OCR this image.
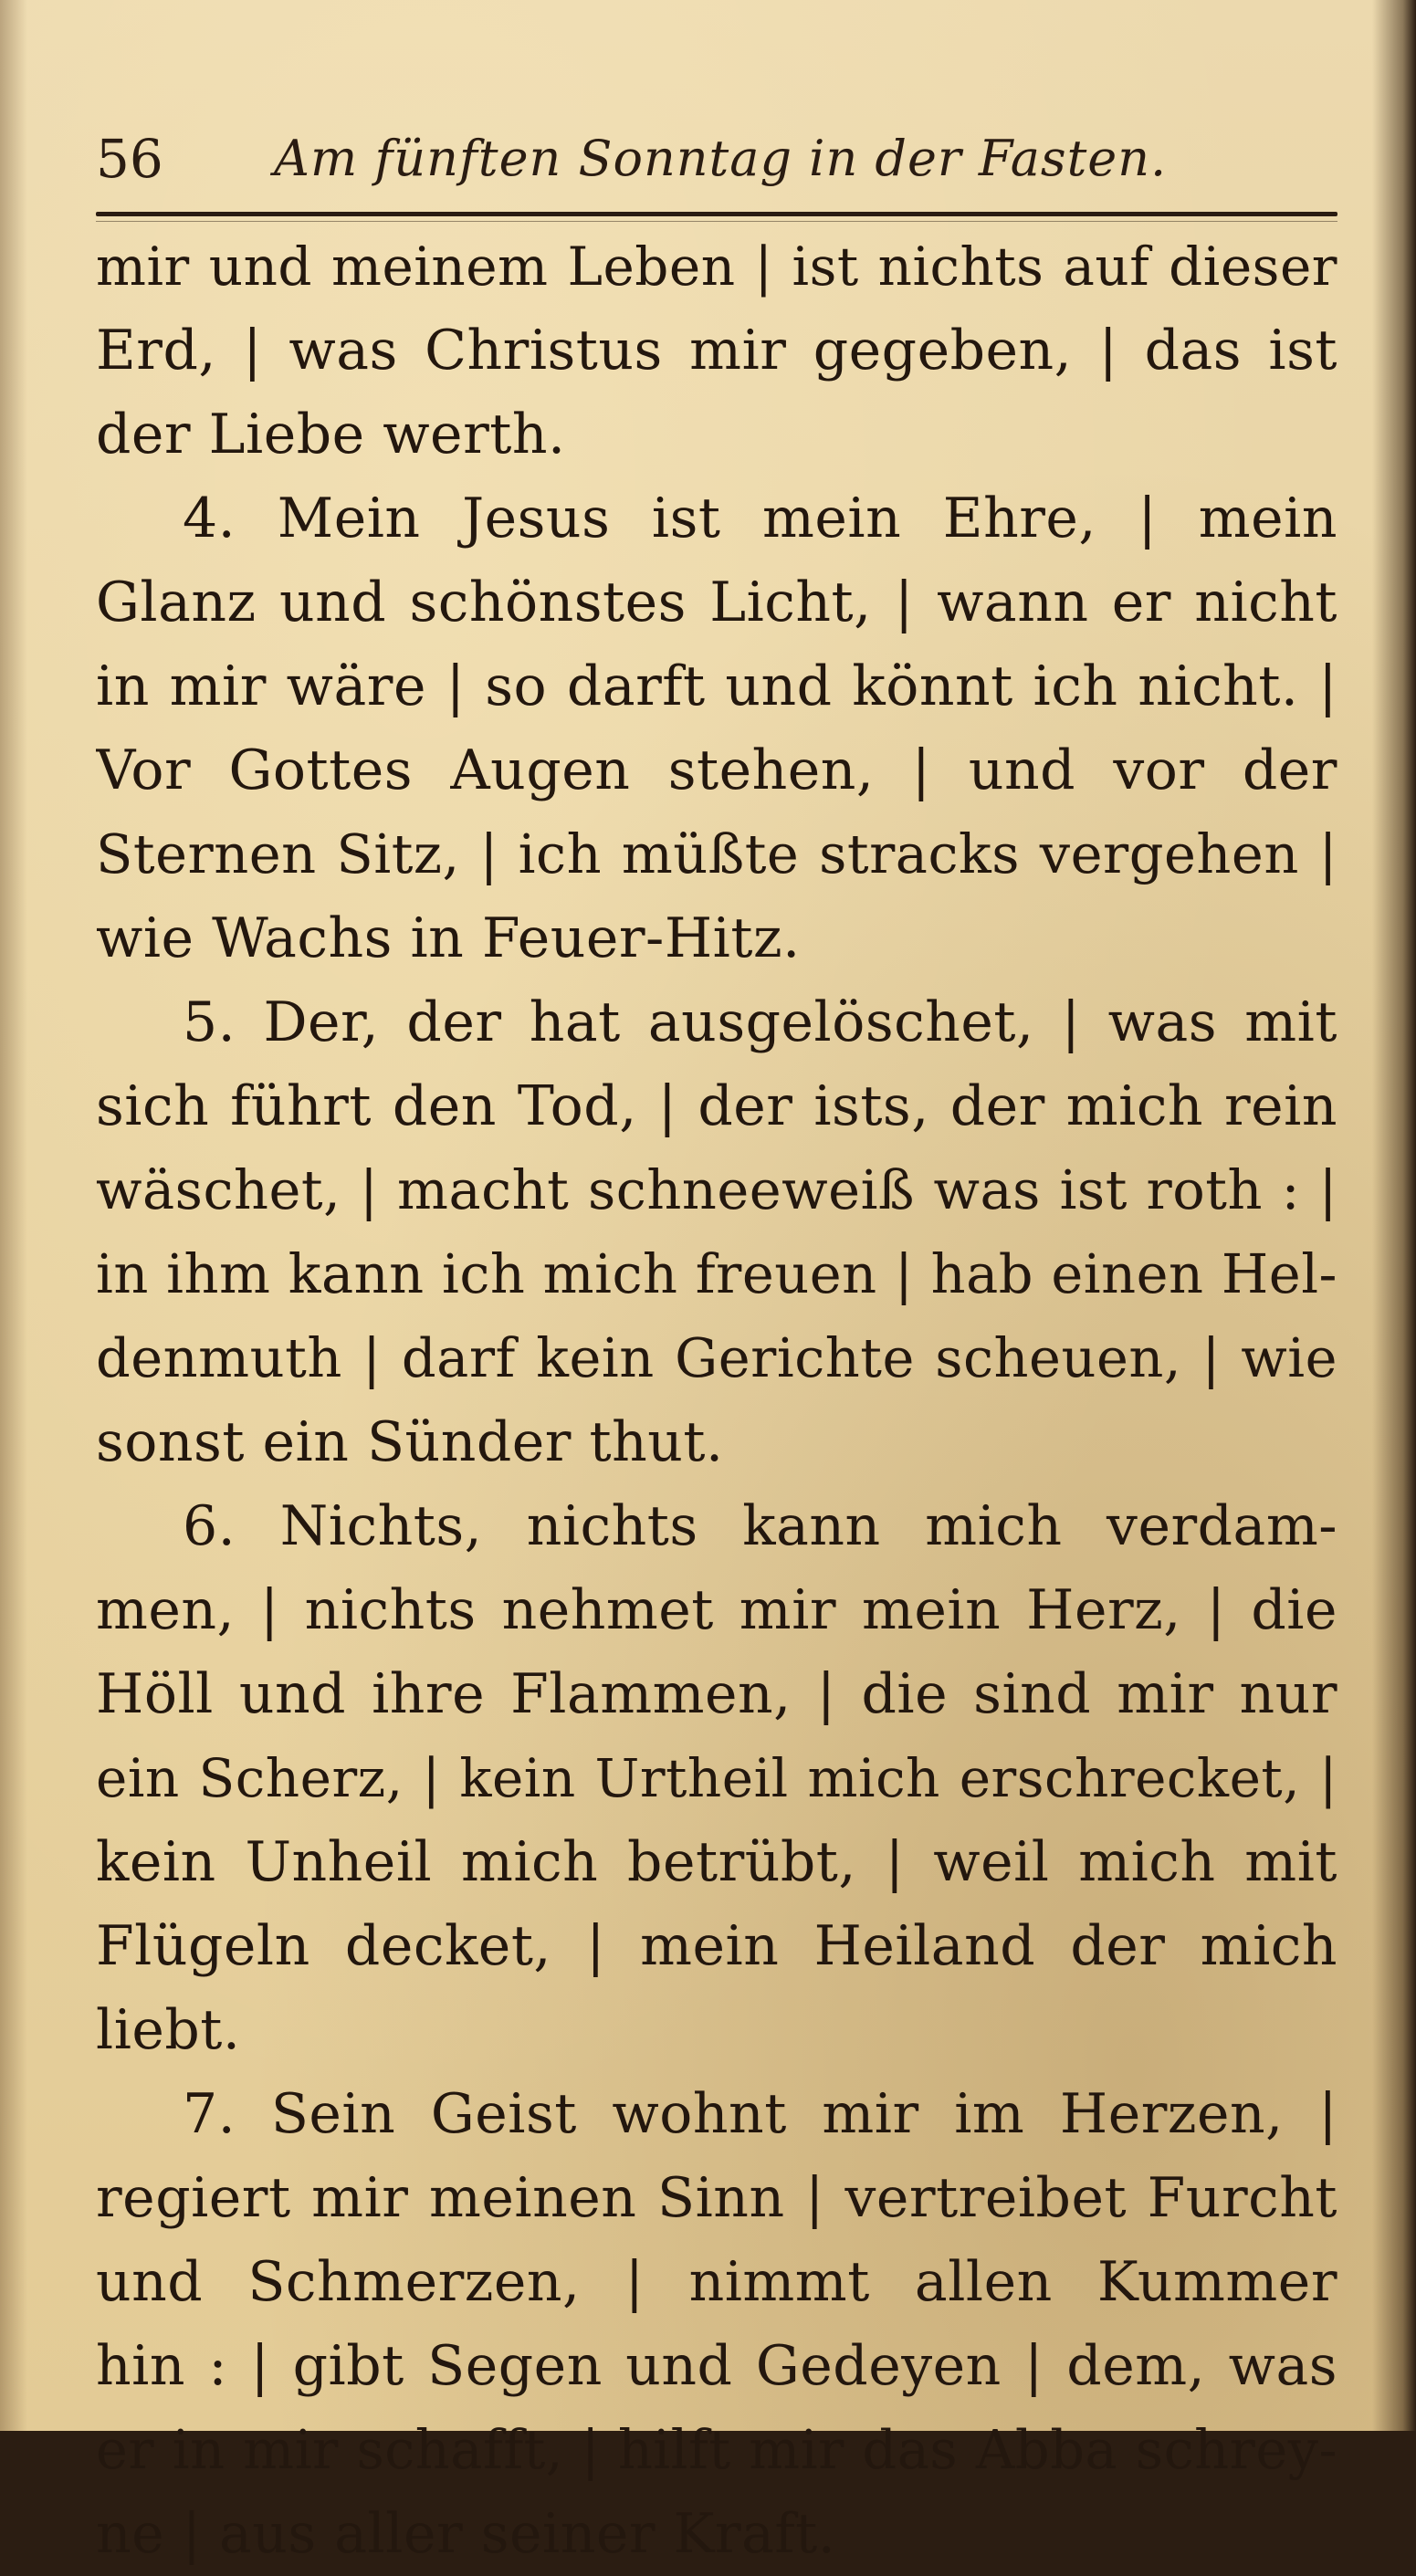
56 Am fünften Sonntag in der Fasten.
mir und meinem Leben | ist nichts auf dieser
Erd, | was Christus mir gegeben, | das ist
der Liebe werth.
4. Mein Jesus ist mein Ehre, | mein
Glanz und schönstes Licht, | wann er nicht
in mir wäre | so darft und könnt ich nicht. |
Vor Gottes Augen stehen, | und vor der
Sternen Sitz, | ich müßte stracks vergehen |
wie Wachs in Feuer-Hitz.
5. Der, der hat ausgelöschet, | was mit
sich führt den Tod, | der ists, der mich rein
wäschet, | macht schneeweiß was ist roth : |
in ihm kann ich mich freuen | hab einen Hel-
denmuth | darf kein Gerichte scheuen, | wie
sonst ein Sünder thut.
6. Nichts, nichts kann mich verdam-
men, | nichts nehmet mir mein Herz, | die
Höll und ihre Flammen, | die sind mir nur
ein Scherz, | kein Urtheil mich erschrecket, |
kein Unheil mich betrübt, | weil mich mit
Flügeln decket, | mein Heiland der mich
liebt.
7. Sein Geist wohnt mir im Herzen, |
regiert mir meinen Sinn | vertreibet Furcht
und Schmerzen, | nimmt allen Kummer
hin : | gibt Segen und Gedeyen | dem, was
er in mir schafft, | hilft mir das Abba schrey-
ne | aus aller seiner Kraft.
